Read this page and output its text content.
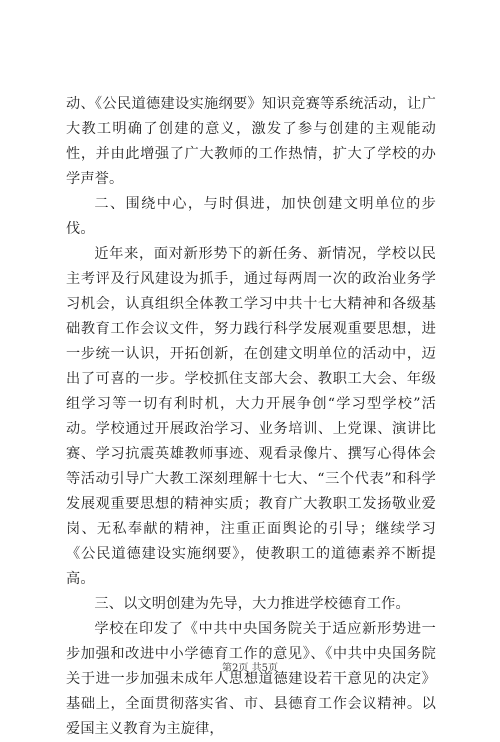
动、《公民道德建设实施纲要》知识竞赛等系统活动，让广大教工明确了创建的意义，激发了参与创建的主观能动性，并由此增强了广大教师的工作热情，扩大了学校的办学声誉。

二、围绕中心，与时俱进，加快创建文明单位的步伐。

近年来，面对新形势下的新任务、新情况，学校以民主考评及行风建设为抓手，通过每两周一次的政治业务学习机会，认真组织全体教工学习中共十七大精神和各级基础教育工作会议文件，努力践行科学发展观重要思想，进一步统一认识，开拓创新，在创建文明单位的活动中，迈出了可喜的一步。学校抓住支部大会、教职工大会、年级组学习等一切有利时机，大力开展争创“学习型学校”活动。学校通过开展政治学习、业务培训、上党课、演讲比赛、学习抗震英雄教师事迹、观看录像片、撰写心得体会等活动引导广大教工深刻理解十七大、“三个代表”和科学发展观重要思想的精神实质；教育广大教职工发扬敬业爱岗、无私奉献的精神，注重正面舆论的引导；继续学习《公民道德建设实施纲要》，使教职工的道德素养不断提高。

三、以文明创建为先导，大力推进学校德育工作。

学校在印发了《中共中央国务院关于适应新形势进一步加强和改进中小学德育工作的意见》、《中共中央国务院关于进一步加强未成年人思想道德建设若干意见的决定》基础上，全面贯彻落实省、市、县德育工作会议精神。以爱国主义教育为主旋律，

第2页 共5页
